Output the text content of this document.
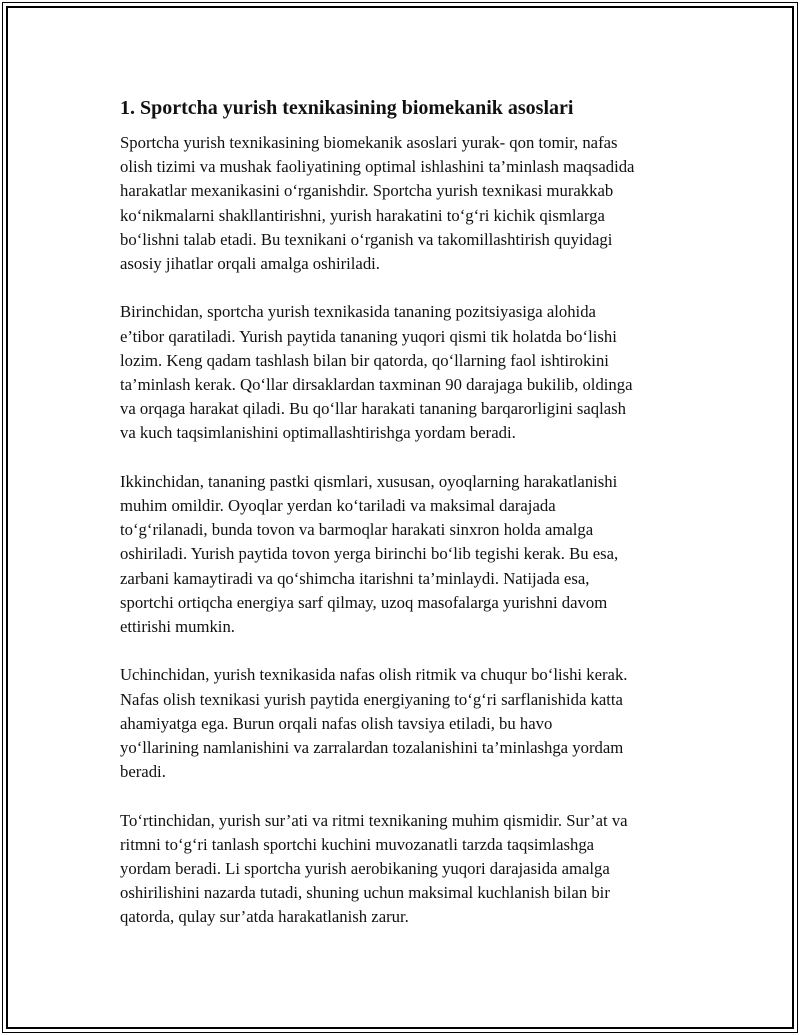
1. Sportcha yurish texnikasining biomekanik asoslari

Sportcha yurish texnikasining biomekanik asoslari yurak- qon tomir, nafas
olish tizimi va mushak faoliyatining optimal ishlashini ta’minlash maqsadida
harakatlar mexanikasini o‘rganishdir. Sportcha yurish texnikasi murakkab
ko‘nikmalarni shakllantirishni, yurish harakatini to‘g‘ri kichik qismlarga
bo‘lishni talab etadi. Bu texnikani o‘rganish va takomillashtirish quyidagi
asosiy jihatlar orqali amalga oshiriladi.

Birinchidan, sportcha yurish texnikasida tananing pozitsiyasiga alohida
e’tibor qaratiladi. Yurish paytida tananing yuqori qismi tik holatda bo‘lishi
lozim. Keng qadam tashlash bilan bir qatorda, qo‘llarning faol ishtirokini
ta’minlash kerak. Qo‘llar dirsaklardan taxminan 90 darajaga bukilib, oldinga
va orqaga harakat qiladi. Bu qo‘llar harakati tananing barqarorligini saqlash
va kuch taqsimlanishini optimallashtirishga yordam beradi.

Ikkinchidan, tananing pastki qismlari, xususan, oyoqlarning harakatlanishi
muhim omildir. Oyoqlar yerdan ko‘tariladi va maksimal darajada
to‘g‘rilanadi, bunda tovon va barmoqlar harakati sinxron holda amalga
oshiriladi. Yurish paytida tovon yerga birinchi bo‘lib tegishi kerak. Bu esa,
zarbani kamaytiradi va qo‘shimcha itarishni ta’minlaydi. Natijada esa,
sportchi ortiqcha energiya sarf qilmay, uzoq masofalarga yurishni davom
ettirishi mumkin.

Uchinchidan, yurish texnikasida nafas olish ritmik va chuqur bo‘lishi kerak.
Nafas olish texnikasi yurish paytida energiyaning to‘g‘ri sarflanishida katta
ahamiyatga ega. Burun orqali nafas olish tavsiya etiladi, bu havo
yo‘llarining namlanishini va zarralardan tozalanishini ta’minlashga yordam
beradi.

To‘rtinchidan, yurish sur’ati va ritmi texnikaning muhim qismidir. Sur’at va
ritmni to‘g‘ri tanlash sportchi kuchini muvozanatli tarzda taqsimlashga
yordam beradi. Li sportcha yurish aerobikaning yuqori darajasida amalga
oshirilishini nazarda tutadi, shuning uchun maksimal kuchlanish bilan bir
qatorda, qulay sur’atda harakatlanish zarur.
